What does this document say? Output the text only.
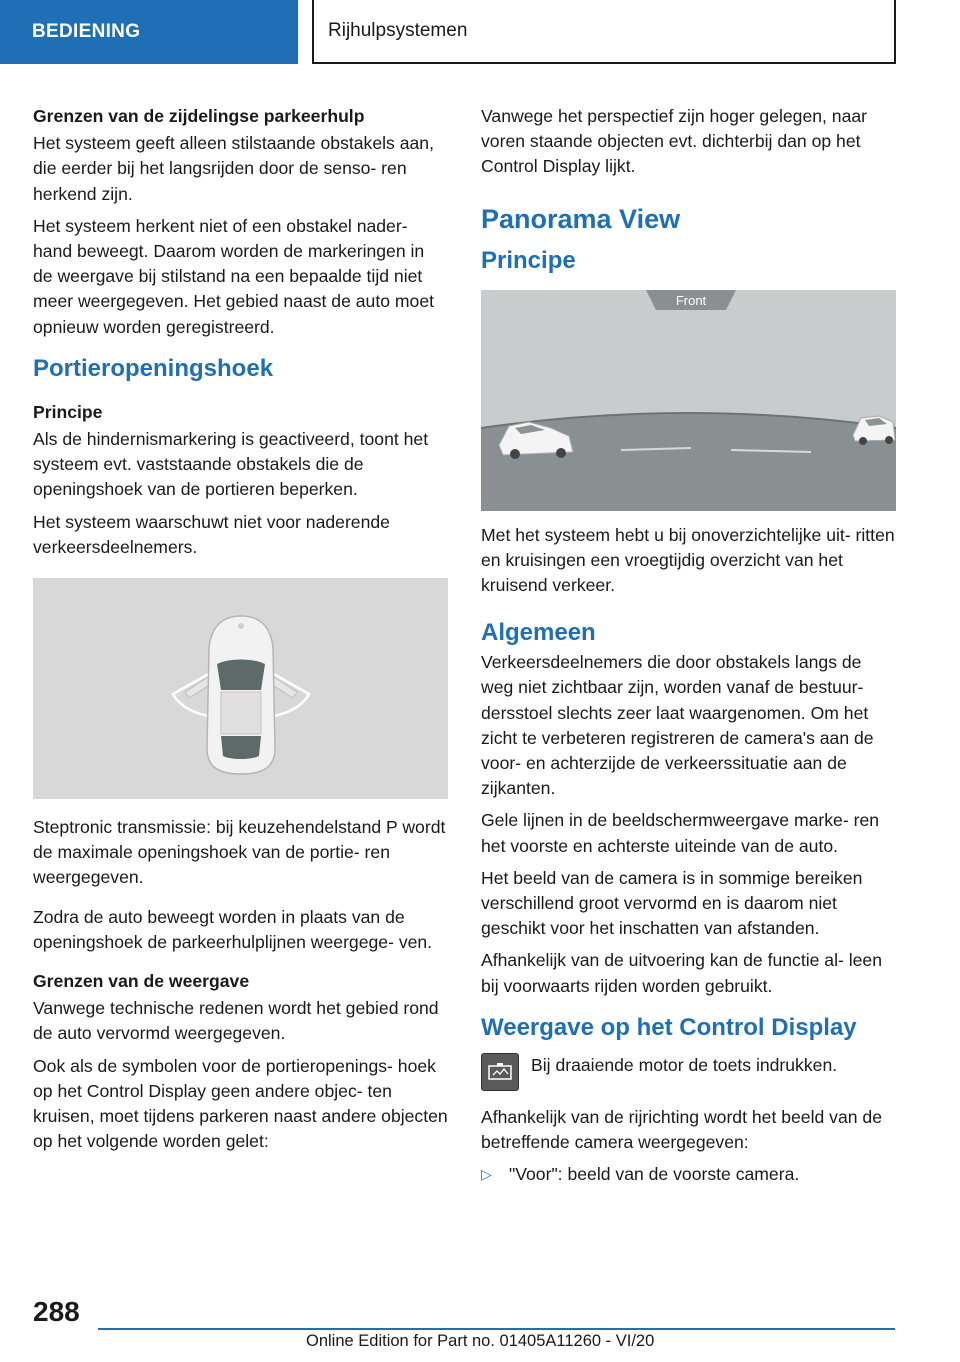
BEDIENING	Rijhulpsystemen
Grenzen van de zijdelingse parkeerhulp

Het systeem geeft alleen stilstaande obstakels aan, die eerder bij het langsrijden door de senso‐ ren herkend zijn.

Het systeem herkent niet of een obstakel nader‐ hand beweegt. Daarom worden de markeringen in de weergave bij stilstand na een bepaalde tijd niet meer weergegeven. Het gebied naast de auto moet opnieuw worden geregistreerd.

Portieropeningshoek
Principe

Als de hindernismarkering is geactiveerd, toont het systeem evt. vaststaande obstakels die de openingshoek van de portieren beperken.

Het systeem waarschuwt niet voor naderende verkeersdeelnemers.

Steptronic transmissie: bij keuzehendelstand P wordt de maximale openingshoek van de portie‐ ren weergegeven.

Zodra de auto beweegt worden in plaats van de openingshoek de parkeerhulplijnen weergege‐ ven.

Grenzen van de weergave

Vanwege technische redenen wordt het gebied rond de auto vervormd weergegeven.

Ook als de symbolen voor de portieropenings‐ hoek op het Control Display geen andere objec‐ ten kruisen, moet tijdens parkeren naast andere objecten op het volgende worden gelet:

Vanwege het perspectief zijn hoger gelegen, naar voren staande objecten evt. dichterbij dan op het Control Display lijkt.

Panorama View
Principe
Front

Met het systeem hebt u bij onoverzichtelijke uit‐ ritten en kruisingen een vroegtijdig overzicht van het kruisend verkeer.

Algemeen

Verkeersdeelnemers die door obstakels langs de weg niet zichtbaar zijn, worden vanaf de bestuur‐ dersstoel slechts zeer laat waargenomen. Om het zicht te verbeteren registreren de camera's aan de voor- en achterzijde de verkeerssituatie aan de zijkanten.

Gele lijnen in de beeldschermweergave marke‐ ren het voorste en achterste uiteinde van de auto.

Het beeld van de camera is in sommige bereiken verschillend groot vervormd en is daarom niet geschikt voor het inschatten van afstanden.

Afhankelijk van de uitvoering kan de functie al‐ leen bij voorwaarts rijden worden gebruikt.

Weergave op het Control Display
Bij draaiende motor de toets indrukken.

Afhankelijk van de rijrichting wordt het beeld van de betreffende camera weergegeven:

▷ "Voor": beeld van de voorste camera.
288
Online Edition for Part no. 01405A11260 - VI/20
